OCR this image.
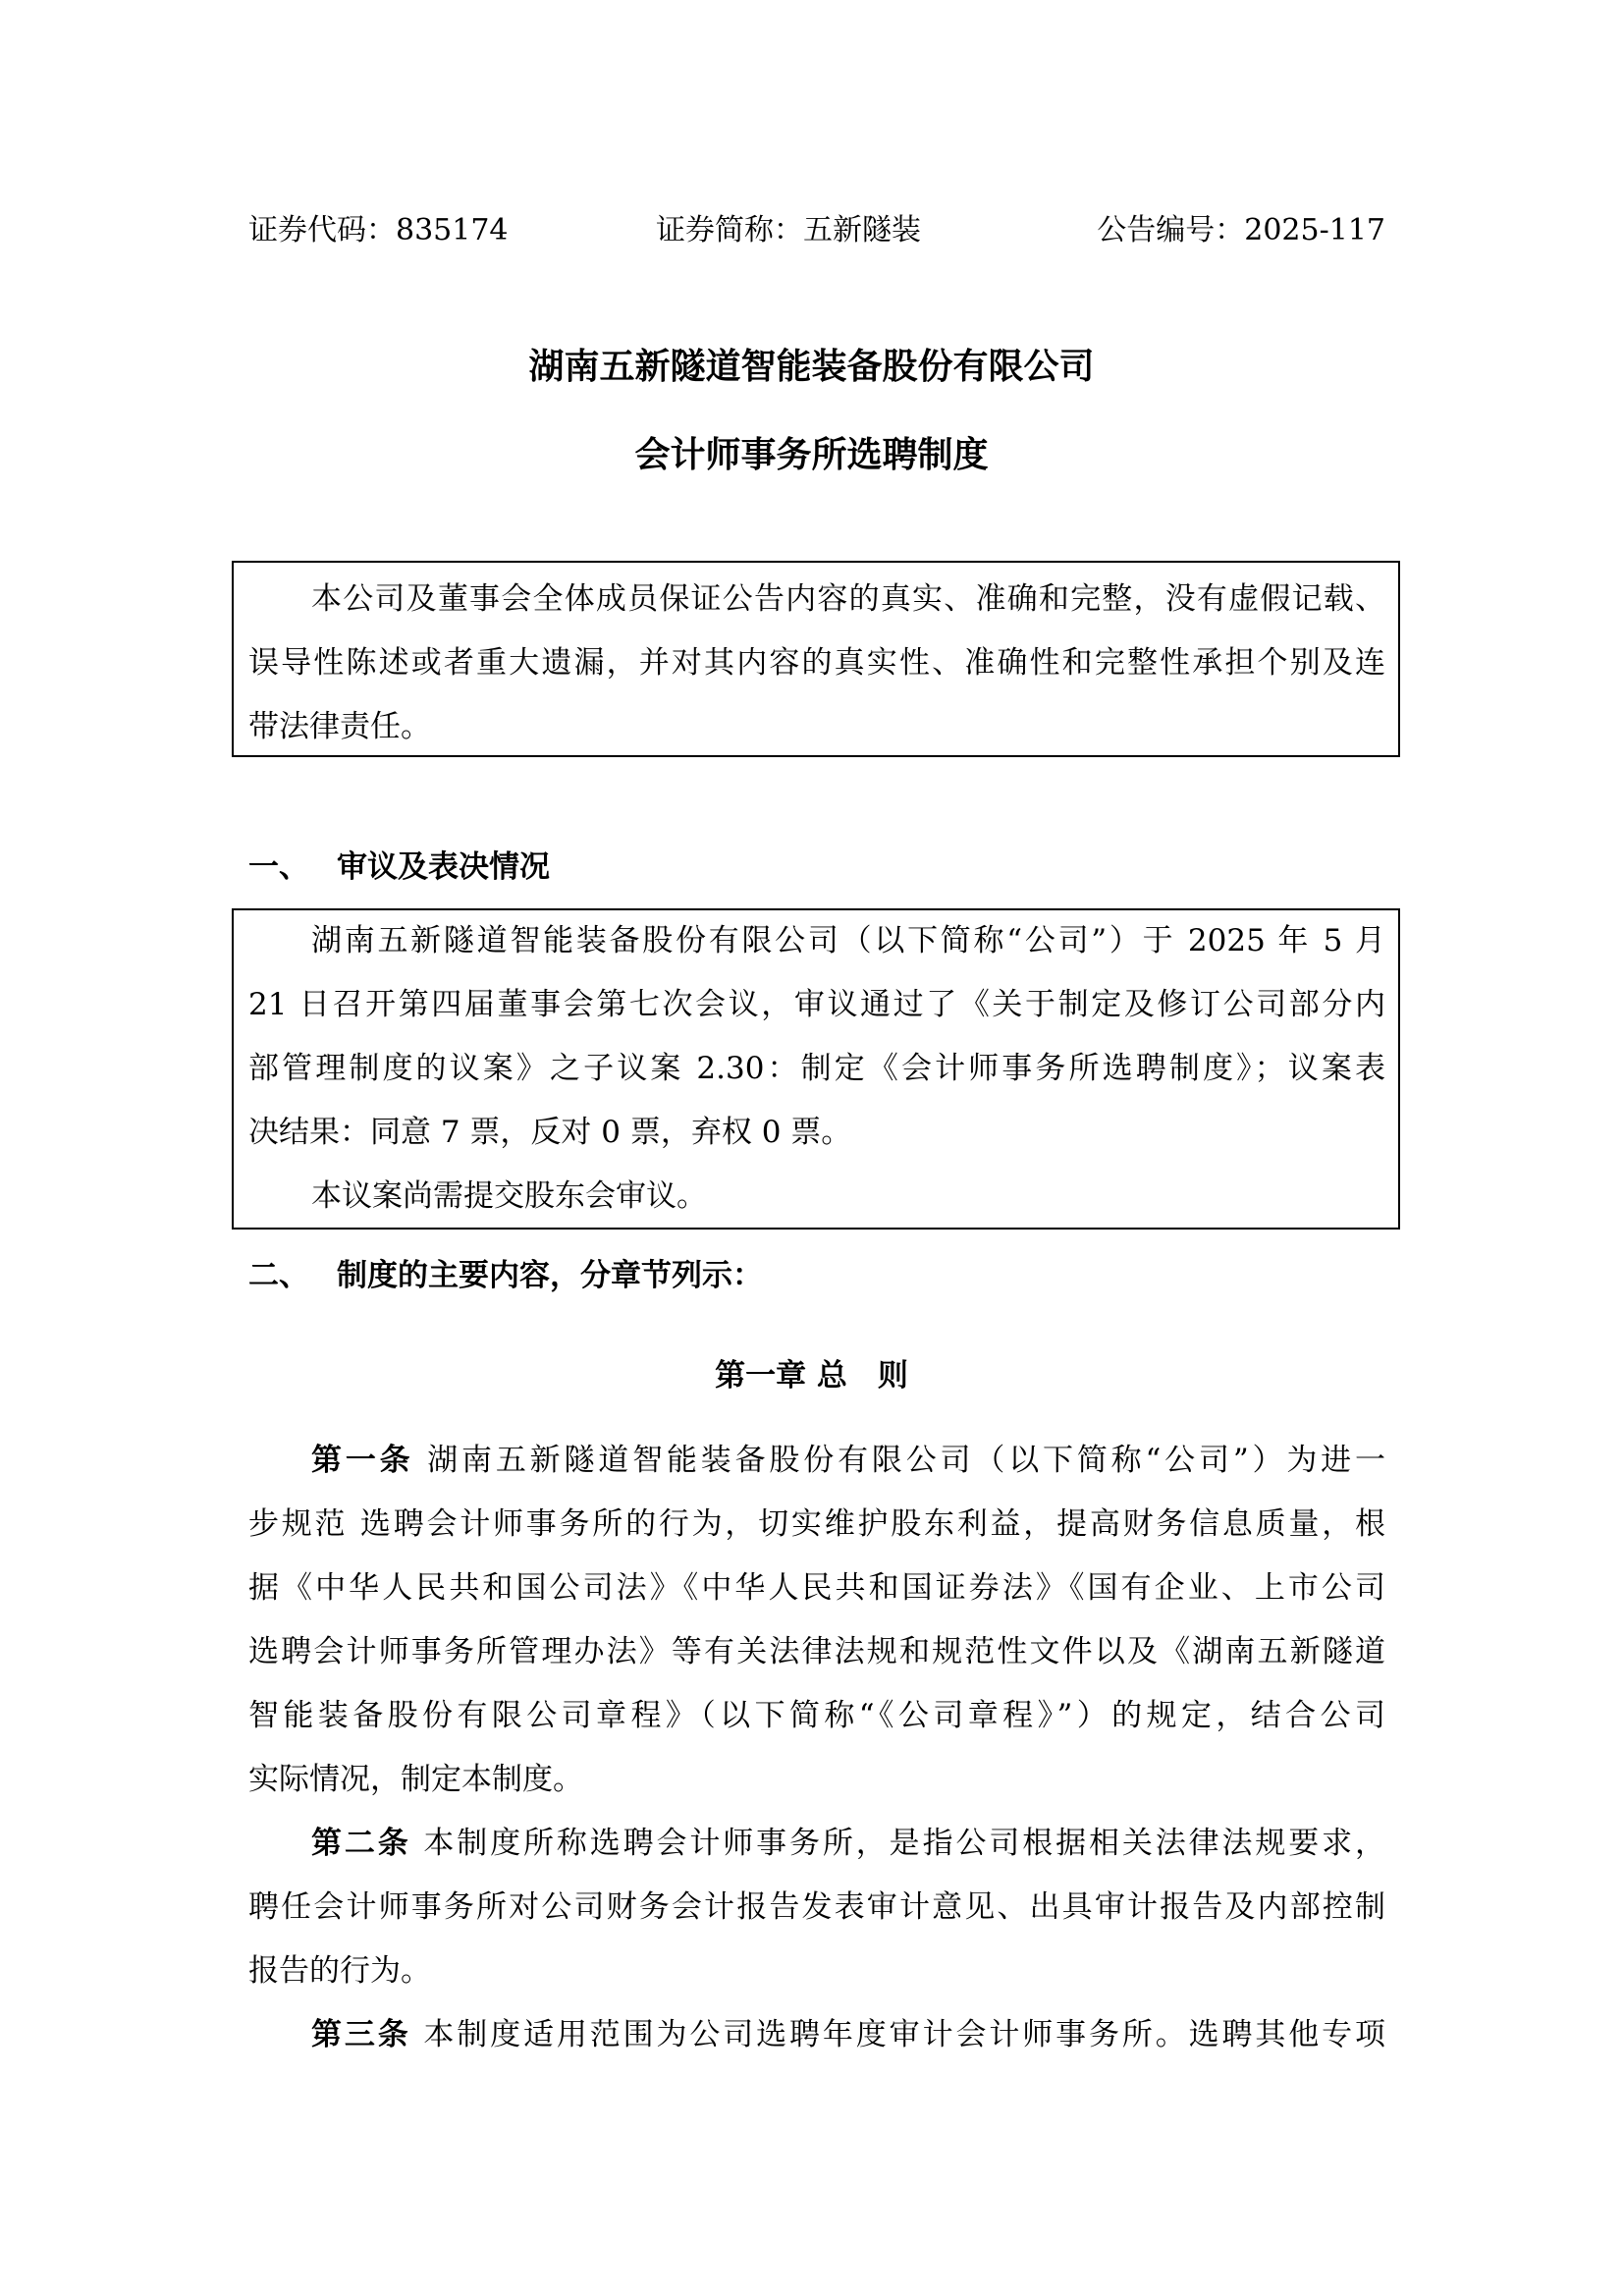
证券代码：835174	证券简称：五新隧装	公告编号：2025-117
湖南五新隧道智能装备股份有限公司
会计师事务所选聘制度

本公司及董事会全体成员保证公告内容的真实、准确和完整，没有虚假记载、

误导性陈述或者重大遗漏，并对其内容的真实性、准确性和完整性承担个别及连

带法律责任。

一、 审议及表决情况

湖南五新隧道智能装备股份有限公司（以下简称“公司”）于 2025 年 5 月

21 日召开第四届董事会第七次会议，审议通过了《关于制定及修订公司部分内

部管理制度的议案》之子议案 2.30：制定《会计师事务所选聘制度》；议案表

决结果：同意 7 票，反对 0 票，弃权 0 票。

本议案尚需提交股东会审议。

二、 制度的主要内容，分章节列示：
第一章 总　则

第一条 湖南五新隧道智能装备股份有限公司（以下简称“公司”）为进一

步规范 选聘会计师事务所的行为，切实维护股东利益，提高财务信息质量，根

据《中华人民共和国公司法》《中华人民共和国证券法》《国有企业、上市公司

选聘会计师事务所管理办法》等有关法律法规和规范性文件以及《湖南五新隧道

智能装备股份有限公司章程》（以下简称“《公司章程》”）的规定，结合公司

实际情况，制定本制度。

第二条 本制度所称选聘会计师事务所，是指公司根据相关法律法规要求，

聘任会计师事务所对公司财务会计报告发表审计意见、出具审计报告及内部控制

报告的行为。

第三条 本制度适用范围为公司选聘年度审计会计师事务所。选聘其他专项
